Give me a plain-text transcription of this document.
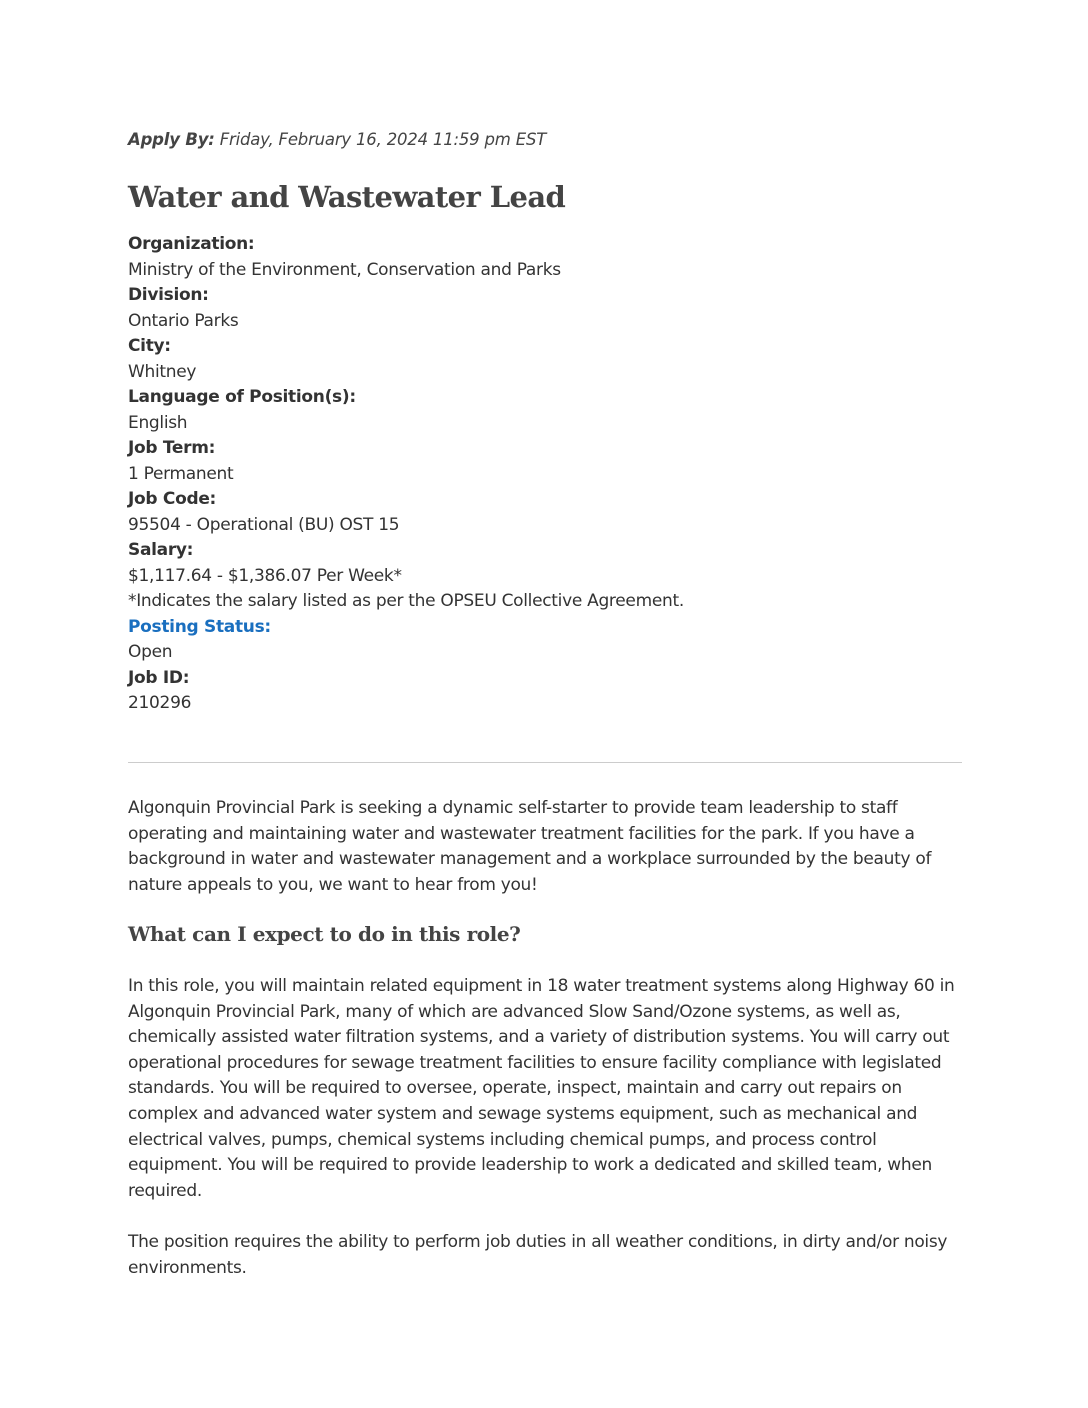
Apply By: Friday, February 16, 2024 11:59 pm EST
Water and Wastewater Lead
Organization:
Ministry of the Environment, Conservation and Parks
Division:
Ontario Parks
City:
Whitney
Language of Position(s):
English
Job Term:
1 Permanent
Job Code:
95504 - Operational (BU) OST 15
Salary:
$1,117.64 - $1,386.07 Per Week*
*Indicates the salary listed as per the OPSEU Collective Agreement.
Posting Status:
Open
Job ID:
210296

Algonquin Provincial Park is seeking a dynamic self-starter to provide team leadership to staff operating and maintaining water and wastewater treatment facilities for the park. If you have a background in water and wastewater management and a workplace surrounded by the beauty of nature appeals to you, we want to hear from you!

What can I expect to do in this role?

In this role, you will maintain related equipment in 18 water treatment systems along Highway 60 in Algonquin Provincial Park, many of which are advanced Slow Sand/Ozone systems, as well as, chemically assisted water filtration systems, and a variety of distribution systems. You will carry out operational procedures for sewage treatment facilities to ensure facility compliance with legislated standards. You will be required to oversee, operate, inspect, maintain and carry out repairs on complex and advanced water system and sewage systems equipment, such as mechanical and electrical valves, pumps, chemical systems including chemical pumps, and process control equipment. You will be required to provide leadership to work a dedicated and skilled team, when required.

The position requires the ability to perform job duties in all weather conditions, in dirty and/or noisy environments.
